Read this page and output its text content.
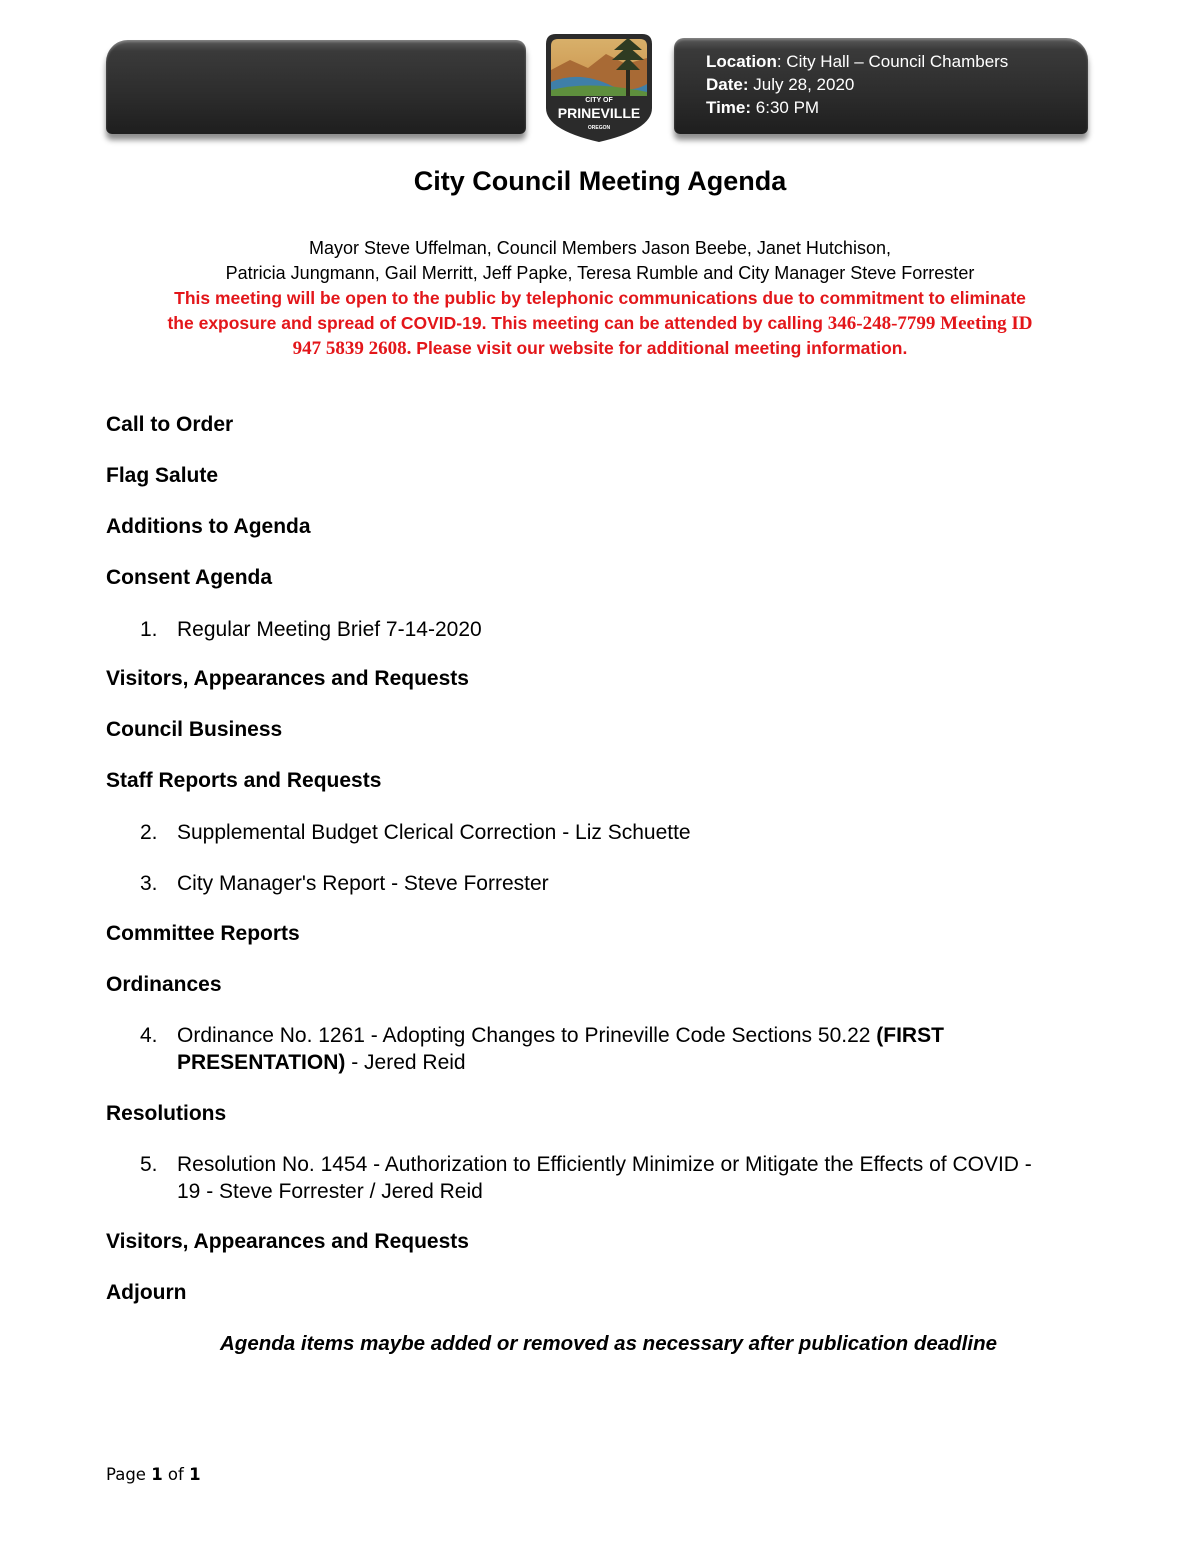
CITY OF
PRINEVILLE
OREGON
Location: City Hall – Council Chambers
Date: July 28, 2020
Time: 6:30 PM
City Council Meeting Agenda
Mayor Steve Uffelman, Council Members Jason Beebe, Janet Hutchison,
Patricia Jungmann, Gail Merritt, Jeff Papke, Teresa Rumble and City Manager Steve Forrester
This meeting will be open to the public by telephonic communications due to commitment to eliminate
the exposure and spread of COVID-19. This meeting can be attended by calling 346-248-7799 Meeting ID
947 5839 2608. Please visit our website for additional meeting information.
Call to Order
Flag Salute
Additions to Agenda
Consent Agenda
1. Regular Meeting Brief 7-14-2020
Visitors, Appearances and Requests
Council Business
Staff Reports and Requests
2. Supplemental Budget Clerical Correction - Liz Schuette
3. City Manager's Report - Steve Forrester
Committee Reports
Ordinances
4. Ordinance No. 1261 - Adopting Changes to Prineville Code Sections 50.22 (FIRST PRESENTATION) - Jered Reid
Resolutions
5. Resolution No. 1454 - Authorization to Efficiently Minimize or Mitigate the Effects of COVID - 19 - Steve Forrester / Jered Reid
Visitors, Appearances and Requests
Adjourn
Agenda items maybe added or removed as necessary after publication deadline
Page 1 of 1
